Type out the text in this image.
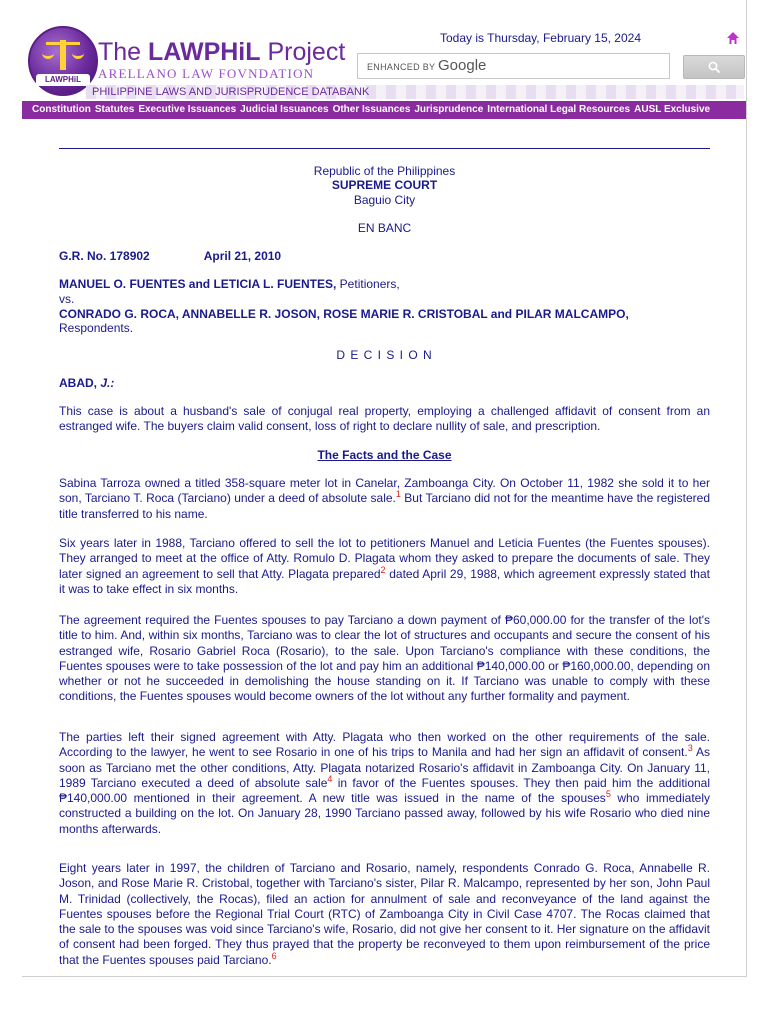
LAWPHiL
The LAWPHiL Project
ARELLANO LAW FOVNDATION
PHILIPPINE LAWS AND JURISPRUDENCE DATABANK
Today is Thursday, February 15, 2024
ENHANCED BY Google
Constitution Statutes Executive Issuances Judicial Issuances Other Issuances Jurisprudence International Legal Resources AUSL Exclusive
Republic of the Philippines
SUPREME COURT
Baguio City
EN BANC
G.R. No. 178902	April 21, 2010
MANUEL O. FUENTES and LETICIA L. FUENTES, Petitioners,
vs.
CONRADO G. ROCA, ANNABELLE R. JOSON, ROSE MARIE R. CRISTOBAL and PILAR MALCAMPO,
Respondents.
D E C I S I O N
ABAD, J.:

This case is about a husband's sale of conjugal real property, employing a challenged affidavit of consent from an estranged wife. The buyers claim valid consent, loss of right to declare nullity of sale, and prescription.

The Facts and the Case

Sabina Tarroza owned a titled 358-square meter lot in Canelar, Zamboanga City. On October 11, 1982 she sold it to her son, Tarciano T. Roca (Tarciano) under a deed of absolute sale.$^1$ But Tarciano did not for the meantime have the registered title transferred to his name.

Six years later in 1988, Tarciano offered to sell the lot to petitioners Manuel and Leticia Fuentes (the Fuentes spouses). They arranged to meet at the office of Atty. Romulo D. Plagata whom they asked to prepare the documents of sale. They later signed an agreement to sell that Atty. Plagata prepared$^2$ dated April 29, 1988, which agreement expressly stated that it was to take effect in six months.

The agreement required the Fuentes spouses to pay Tarciano a down payment of ₱60,000.00 for the transfer of the lot's title to him. And, within six months, Tarciano was to clear the lot of structures and occupants and secure the consent of his estranged wife, Rosario Gabriel Roca (Rosario), to the sale. Upon Tarciano's compliance with these conditions, the Fuentes spouses were to take possession of the lot and pay him an additional ₱140,000.00 or ₱160,000.00, depending on whether or not he succeeded in demolishing the house standing on it. If Tarciano was unable to comply with these conditions, the Fuentes spouses would become owners of the lot without any further formality and payment.

The parties left their signed agreement with Atty. Plagata who then worked on the other requirements of the sale. According to the lawyer, he went to see Rosario in one of his trips to Manila and had her sign an affidavit of consent.$^3$ As soon as Tarciano met the other conditions, Atty. Plagata notarized Rosario's affidavit in Zamboanga City. On January 11, 1989 Tarciano executed a deed of absolute sale$^4$ in favor of the Fuentes spouses. They then paid him the additional ₱140,000.00 mentioned in their agreement. A new title was issued in the name of the spouses$^5$ who immediately constructed a building on the lot. On January 28, 1990 Tarciano passed away, followed by his wife Rosario who died nine months afterwards.

Eight years later in 1997, the children of Tarciano and Rosario, namely, respondents Conrado G. Roca, Annabelle R. Joson, and Rose Marie R. Cristobal, together with Tarciano's sister, Pilar R. Malcampo, represented by her son, John Paul M. Trinidad (collectively, the Rocas), filed an action for annulment of sale and reconveyance of the land against the Fuentes spouses before the Regional Trial Court (RTC) of Zamboanga City in Civil Case 4707. The Rocas claimed that the sale to the spouses was void since Tarciano's wife, Rosario, did not give her consent to it. Her signature on the affidavit of consent had been forged. They thus prayed that the property be reconveyed to them upon reimbursement of the price that the Fuentes spouses paid Tarciano.$^6$
